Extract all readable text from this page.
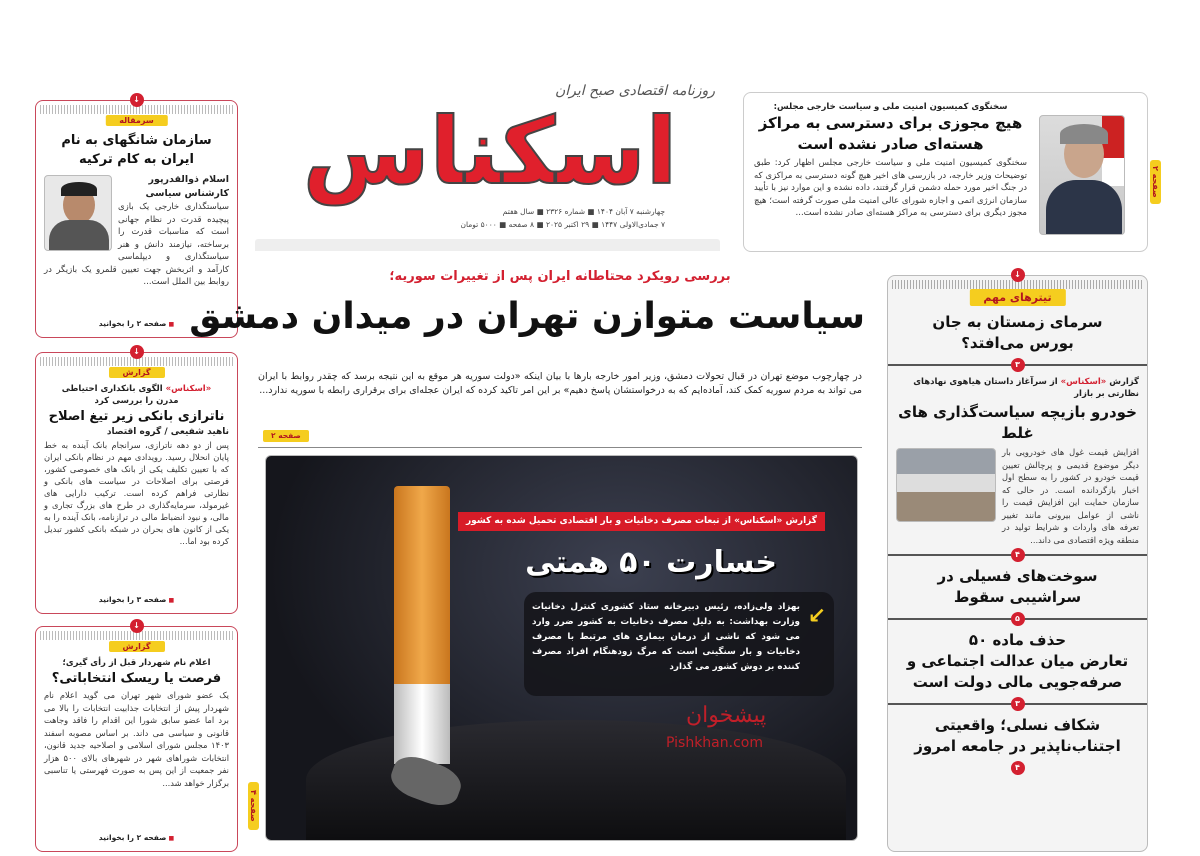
روزنامه اقتصادی صبح ایران
اسکناس
چهارشنبه ۷ آبان ۱۴۰۴ ■ شماره ۲۳۲۶ ■ سال هفتم
۷ جمادی‌الاولی ۱۴۴۷ ■ ۲۹ اکتبر ۲۰۲۵ ■ ۸ صفحه ■ ۵۰۰۰ تومان
سخنگوی کمیسیون امنیت ملی و سیاست خارجی مجلس:
هیچ مجوزی برای دسترسی به مراکز هسته‌ای صادر نشده است
سخنگوی کمیسیون امنیت ملی و سیاست خارجی مجلس اظهار کرد: طبق توضیحات وزیر خارجه، در بازرسی های اخیر هیچ گونه دسترسی به مراکزی که در جنگ اخیر مورد حمله دشمن قرار گرفتند، داده نشده و این موارد نیز با تأیید سازمان انرژی اتمی و اجازه شورای عالی امنیت ملی صورت گرفته است؛ هیچ مجوز دیگری برای دسترسی به مراکز هسته‌ای صادر نشده است...
صفحه ۲
↓
سرمقاله
سازمان شانگهای به نام ایران به کام ترکیه
اسلام ذوالقدرپور
کارشناس سیاسی
سیاستگذاری خارجی یک بازی پیچیده قدرت در نظام جهانی است که مناسبات قدرت را برساخته، نیازمند دانش و هنر سیاستگذاری و دیپلماسی کارآمد و اثربخش جهت تعیین قلمرو یک بازیگر در روابط بین الملل است...
■ صفحه ۲ را بخوانید
↓
گزارش
«اسکناس» الگوی بانکداری احتیاطی مدرن را بررسی کرد
ناترازی بانکی زیر تیغ اصلاح
ناهید شفیعی / گروه اقتصاد
پس از دو دهه ناترازی، سرانجام بانک آینده به خط پایان انحلال رسید. رویدادی مهم در نظام بانکی ایران که با تعیین تکلیف یکی از بانک های خصوصی کشور، فرصتی برای اصلاحات در سیاست های بانکی و نظارتی فراهم کرده است. ترکیب دارایی های غیرمولد، سرمایه‌گذاری در طرح های بزرگ تجاری و مالی، و نبود انضباط مالی در ترازنامه، بانک آینده را به یکی از کانون های بحران در شبکه بانکی کشور تبدیل کرده بود اما...
■ صفحه ۳ را بخوانید
↓
گزارش
اعلام نام شهردار قبل از رأی گیری؛
فرصت یا ریسک انتخاباتی؟
یک عضو شورای شهر تهران می گوید اعلام نام شهردار پیش از انتخابات جذابیت انتخابات را بالا می برد اما عضو سابق شورا این اقدام را فاقد وجاهت قانونی و سیاسی می داند. بر اساس مصوبه اسفند ۱۴۰۳ مجلس شورای اسلامی و اصلاحیه جدید قانون، انتخابات شوراهای شهر در شهرهای بالای ۵۰۰ هزار نفر جمعیت از این پس به صورت فهرستی یا تناسبی برگزار خواهد شد...
■ صفحه ۲ را بخوانید
بررسی رویکرد محتاطانه ایران پس از تغییرات سوریه؛
سیاست متوازن تهران در میدان دمشق
در چهارچوب موضع تهران در قبال تحولات دمشق، وزیر امور خارجه بارها با بیان اینکه «دولت سوریه هر موقع به این نتیجه برسد که چقدر روابط با ایران می تواند به مردم سوریه کمک کند، آماده‌ایم که به درخواستشان پاسخ دهیم» بر این امر تاکید کرده که ایران عجله‌ای برای برقراری رابطه با سوریه ندارد...
صفحه ۲
گزارش «اسکناس» از تبعات مصرف دخانیات و بار اقتصادی تحمیل شده به کشور
خسارت ۵۰ همتی
↙
بهزاد ولی‌زاده، رئیس دبیرخانه ستاد کشوری کنترل دخانیات وزارت بهداشت: به دلیل مصرف دخانیات به کشور ضرر وارد می شود که ناشی از درمان بیماری های مرتبط با مصرف دخانیات و بار سنگینی است که مرگ زودهنگام افراد مصرف کننده بر دوش کشور می گذارد
پیشخوان
Pishkhan.com
صفحه ۴
↓
تیترهای مهم
سرمای زمستان به جان بورس می‌افتد؟
۳
گزارش «اسکناس» از سرآغاز داستان هیاهوی نهادهای نظارتی بر بازار
خودرو بازیچه سیاست‌گذاری های غلط
افزایش قیمت غول های خودرویی بار دیگر موضوع قدیمی و پرچالش تعیین قیمت خودرو در کشور را به سطح اول اخبار بازگردانده است. در حالی که سازمان حمایت این افزایش قیمت را ناشی از عوامل بیرونی مانند تغییر تعرفه های واردات و شرایط تولید در منطقه ویژه اقتصادی می داند...
۴
سوخت‌های فسیلی در سراشیبی سقوط
۵
حذف ماده ۵۰
تعارض میان عدالت اجتماعی و صرفه‌جویی مالی دولت است
۳
شکاف نسلی؛ واقعیتی اجتناب‌ناپذیر در جامعه امروز
۴
